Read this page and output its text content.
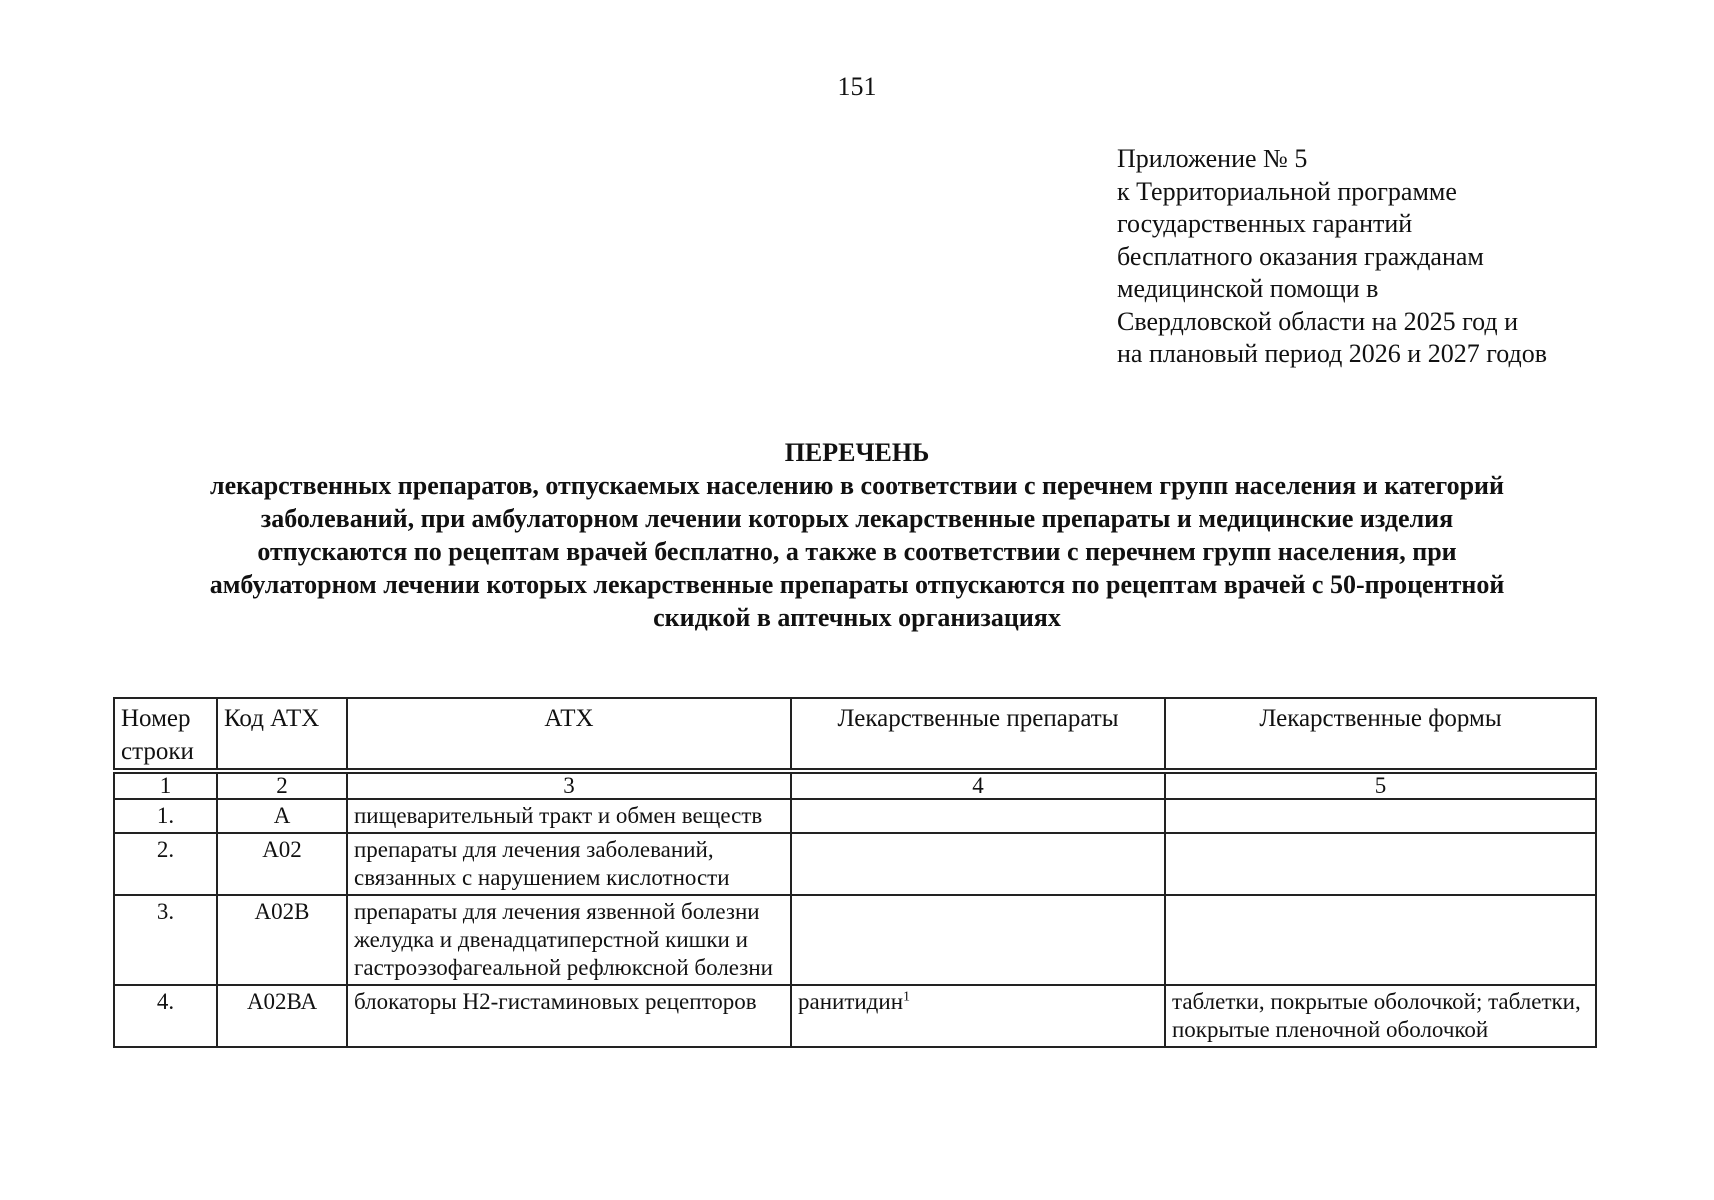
151
Приложение № 5
к Территориальной программе
государственных гарантий
бесплатного оказания гражданам
медицинской помощи в
Свердловской области на 2025 год и
на плановый период 2026 и 2027 годов
ПЕРЕЧЕНЬ
лекарственных препаратов, отпускаемых населению в соответствии с перечнем групп населения и категорий
заболеваний, при амбулаторном лечении которых лекарственные препараты и медицинские изделия
отпускаются по рецептам врачей бесплатно, а также в соответствии с перечнем групп населения, при
амбулаторном лечении которых лекарственные препараты отпускаются по рецептам врачей с 50-процентной
скидкой в аптечных организациях
Номер строки	Код АТХ	АТХ	Лекарственные препараты	Лекарственные формы

1	2	3	4	5
1.	А	пищеварительный тракт и обмен веществ		
2.	А02	препараты для лечения заболеваний, связанных с нарушением кислотности		
3.	А02В	препараты для лечения язвенной болезни желудка и двенадцатиперстной кишки и гастроэзофагеальной рефлюксной болезни		
4.	А02ВА	блокаторы Н2-гистаминовых рецепторов	ранитидин$^1$	таблетки, покрытые оболочкой; таблетки, покрытые пленочной оболочкой
